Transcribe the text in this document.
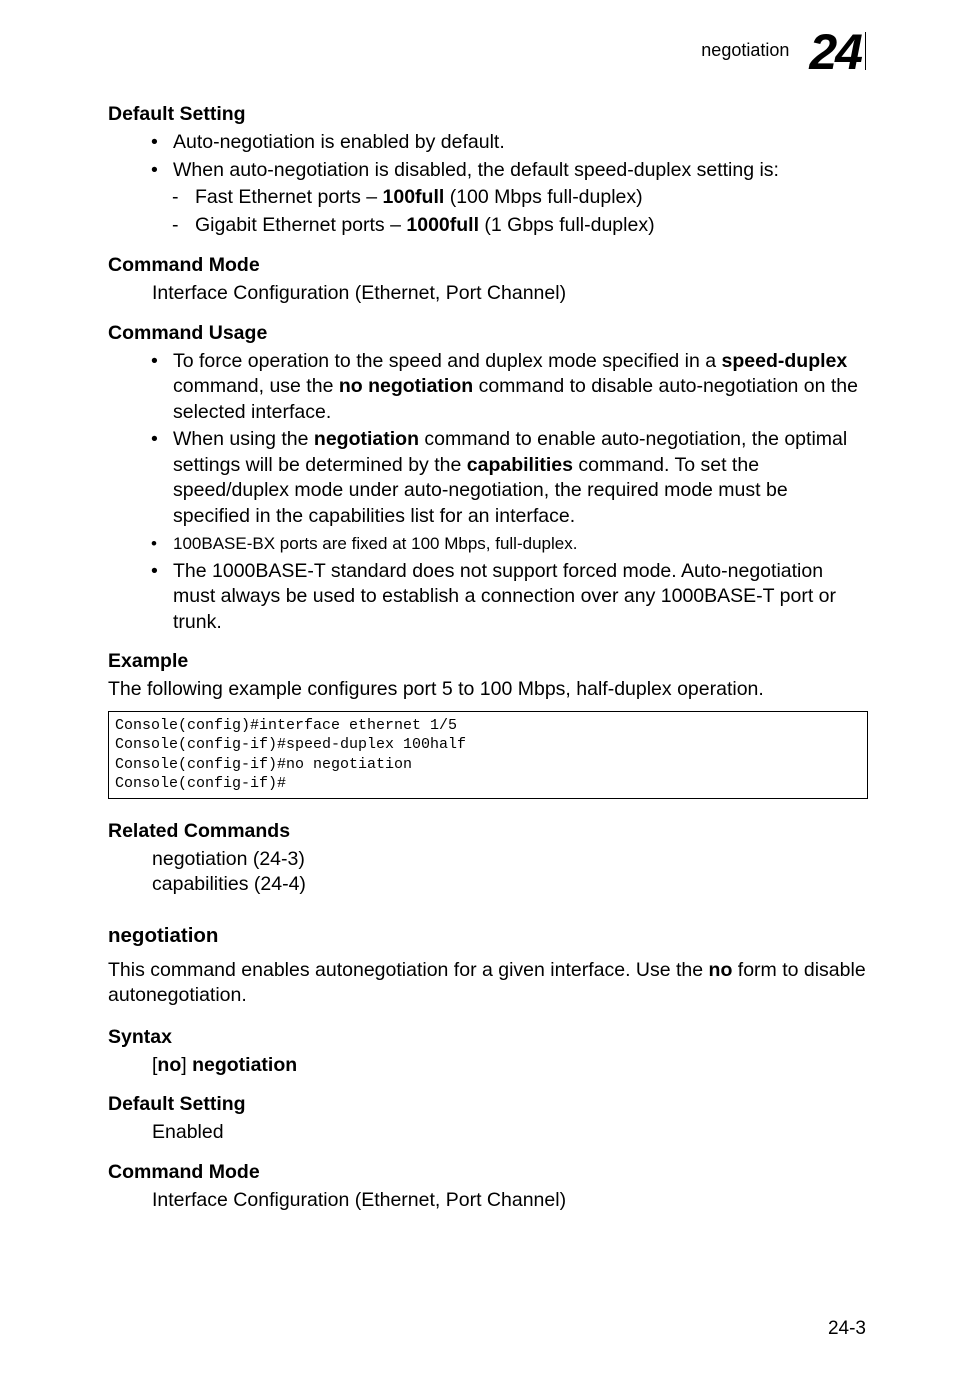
negotiation 24
Default Setting
• Auto-negotiation is enabled by default.
• When auto-negotiation is disabled, the default speed-duplex setting is:
- Fast Ethernet ports – 100full (100 Mbps full-duplex)
- Gigabit Ethernet ports – 1000full (1 Gbps full-duplex)
Command Mode
Interface Configuration (Ethernet, Port Channel)
Command Usage
• To force operation to the speed and duplex mode specified in a speed-duplex command, use the no negotiation command to disable auto-negotiation on the selected interface.
• When using the negotiation command to enable auto-negotiation, the optimal settings will be determined by the capabilities command. To set the speed/duplex mode under auto-negotiation, the required mode must be specified in the capabilities list for an interface.
• 100BASE-BX ports are fixed at 100 Mbps, full-duplex.
• The 1000BASE-T standard does not support forced mode. Auto-negotiation must always be used to establish a connection over any 1000BASE-T port or trunk.
Example

The following example configures port 5 to 100 Mbps, half-duplex operation.

Console(config)#interface ethernet 1/5
Console(config-if)#speed-duplex 100half
Console(config-if)#no negotiation
Console(config-if)#
Related Commands
negotiation (24-3)
capabilities (24-4)
negotiation

This command enables autonegotiation for a given interface. Use the no form to disable autonegotiation.

Syntax
[no] negotiation
Default Setting
Enabled
Command Mode
Interface Configuration (Ethernet, Port Channel)
24-3
